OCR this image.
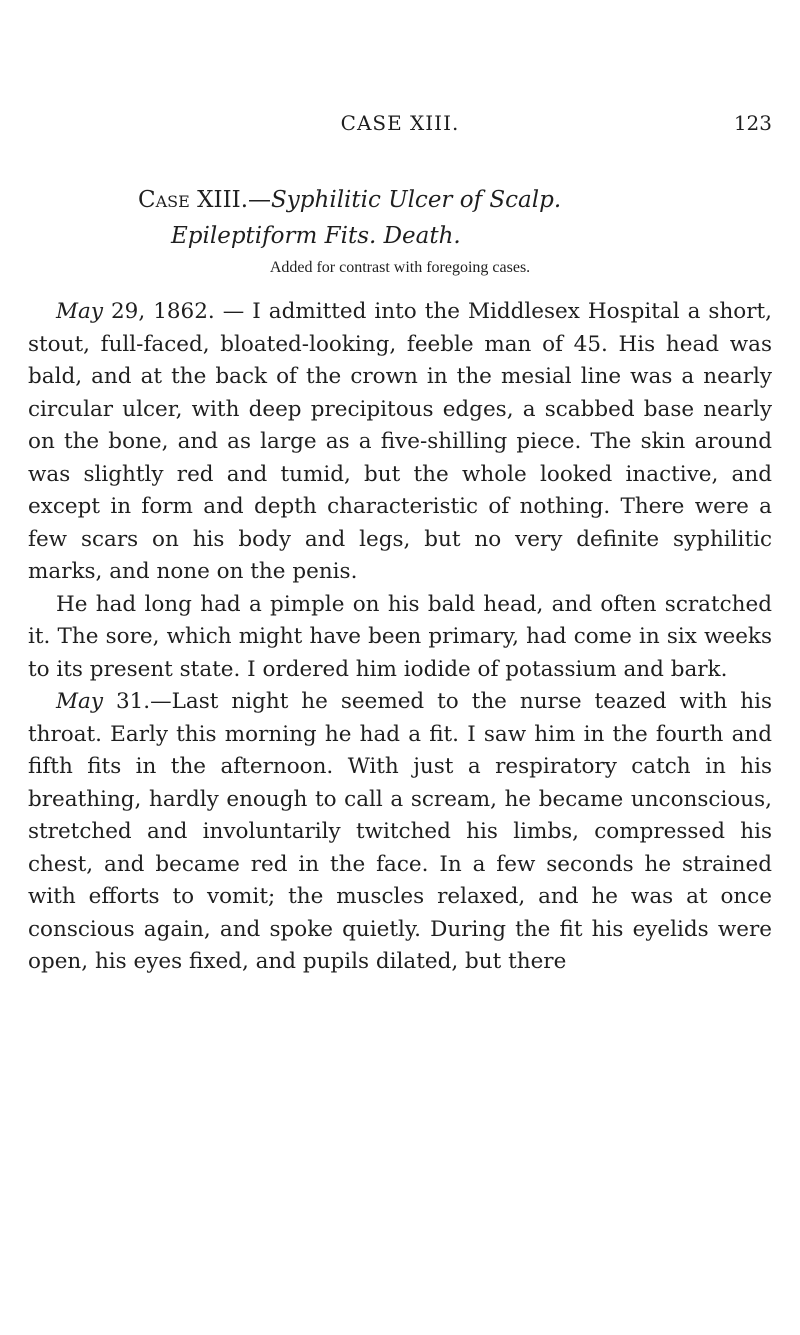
CASE XIII.	123
Case XIII.—Syphilitic Ulcer of Scalp.
Epileptiform Fits. Death.
Added for contrast with foregoing cases.

May 29, 1862. — I admitted into the Middlesex Hospital a short, stout, full-faced, bloated-looking, feeble man of 45. His head was bald, and at the back of the crown in the mesial line was a nearly circular ulcer, with deep precipitous edges, a scabbed base nearly on the bone, and as large as a five-shilling piece. The skin around was slightly red and tumid, but the whole looked inactive, and except in form and depth characteristic of nothing. There were a few scars on his body and legs, but no very definite syphilitic marks, and none on the penis.

He had long had a pimple on his bald head, and often scratched it. The sore, which might have been primary, had come in six weeks to its present state. I ordered him iodide of potassium and bark.

May 31.—Last night he seemed to the nurse teazed with his throat. Early this morning he had a fit. I saw him in the fourth and fifth fits in the afternoon. With just a respiratory catch in his breathing, hardly enough to call a scream, he became unconscious, stretched and involuntarily twitched his limbs, compressed his chest, and became red in the face. In a few seconds he strained with efforts to vomit; the muscles relaxed, and he was at once conscious again, and spoke quietly. During the fit his eyelids were open, his eyes fixed, and pupils dilated, but there
